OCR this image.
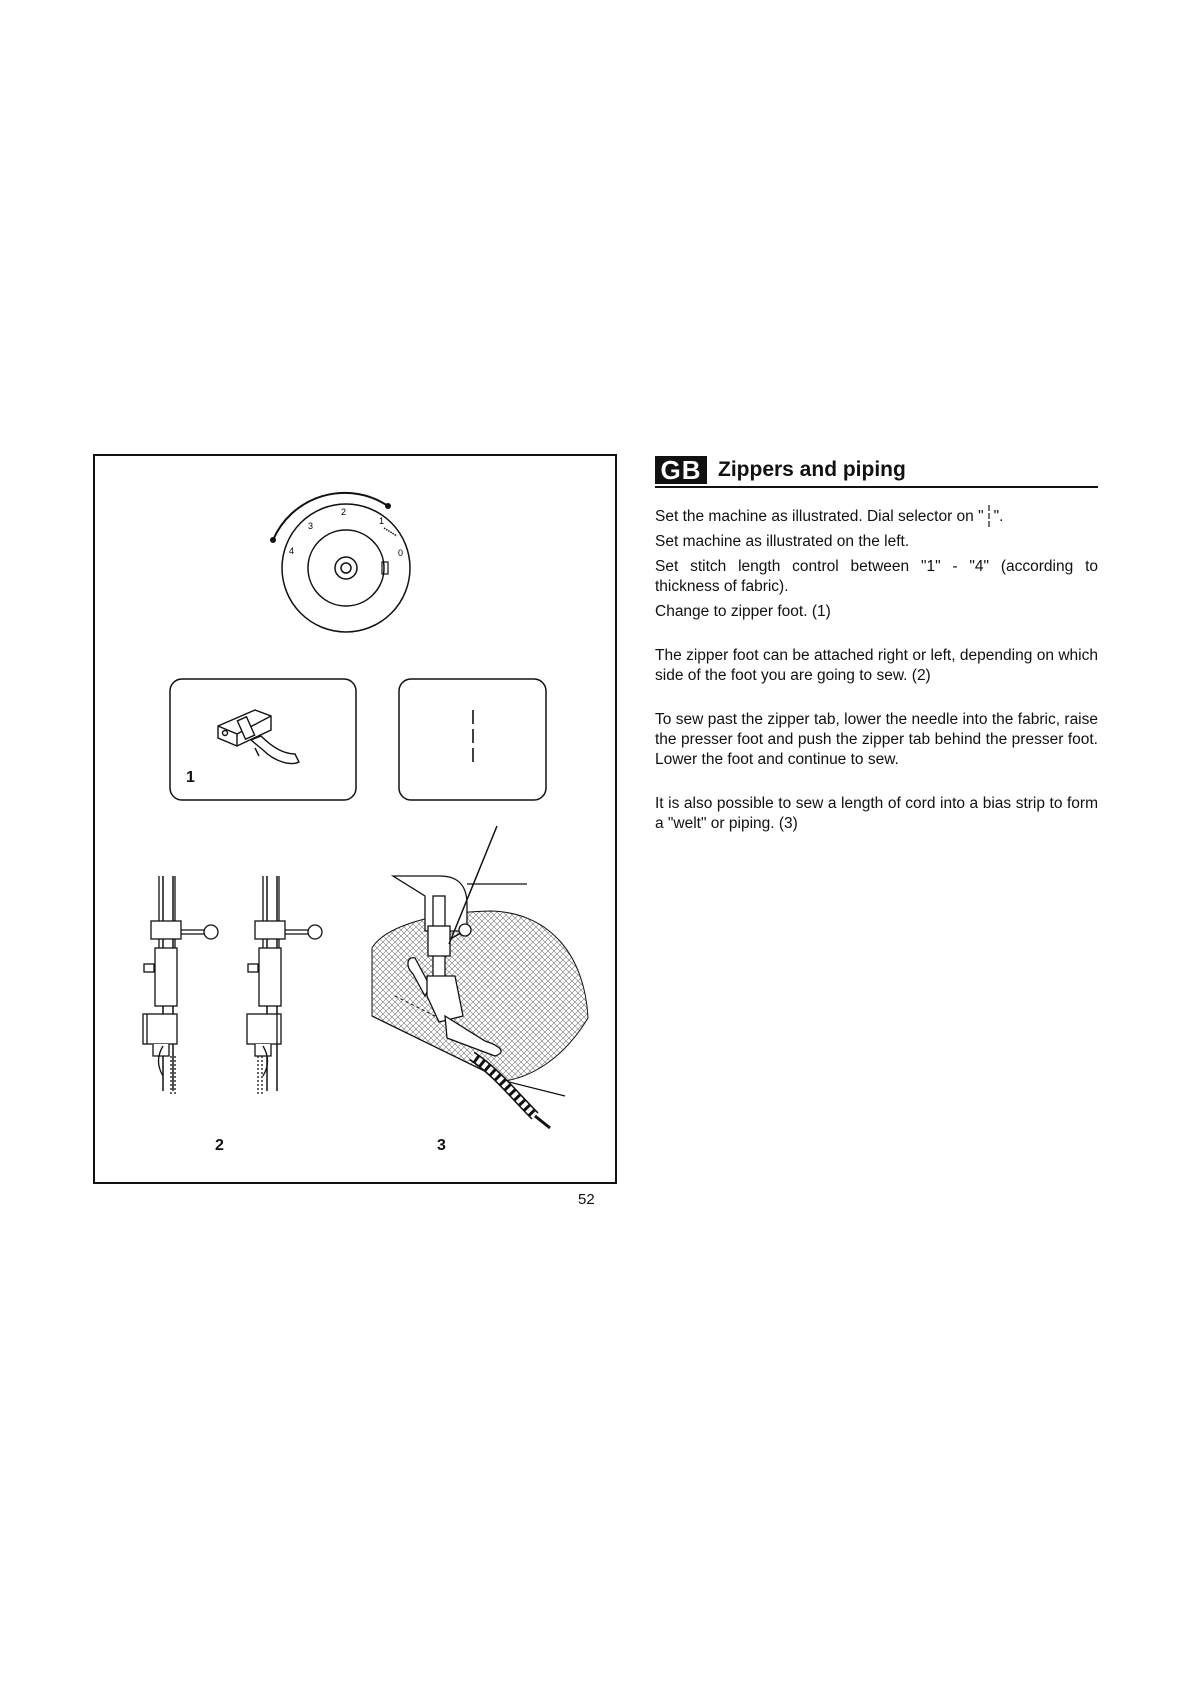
4
3
2
1
0
1
2	3
GB Zippers and piping

Set the machine as illustrated. Dial selector on " ".

Set machine as illustrated on the left.

Set stitch length control between "1" - "4" (according to thickness of fabric).

Change to zipper foot. (1)

The zipper foot can be attached right or left, depending on which side of the foot you are going to sew. (2)

To sew past the zipper tab, lower the needle into the fabric, raise the presser foot and push the zipper tab behind the presser foot. Lower the foot and continue to sew.

It is also possible to sew a length of cord into a bias strip to form a "welt" or piping. (3)

52
